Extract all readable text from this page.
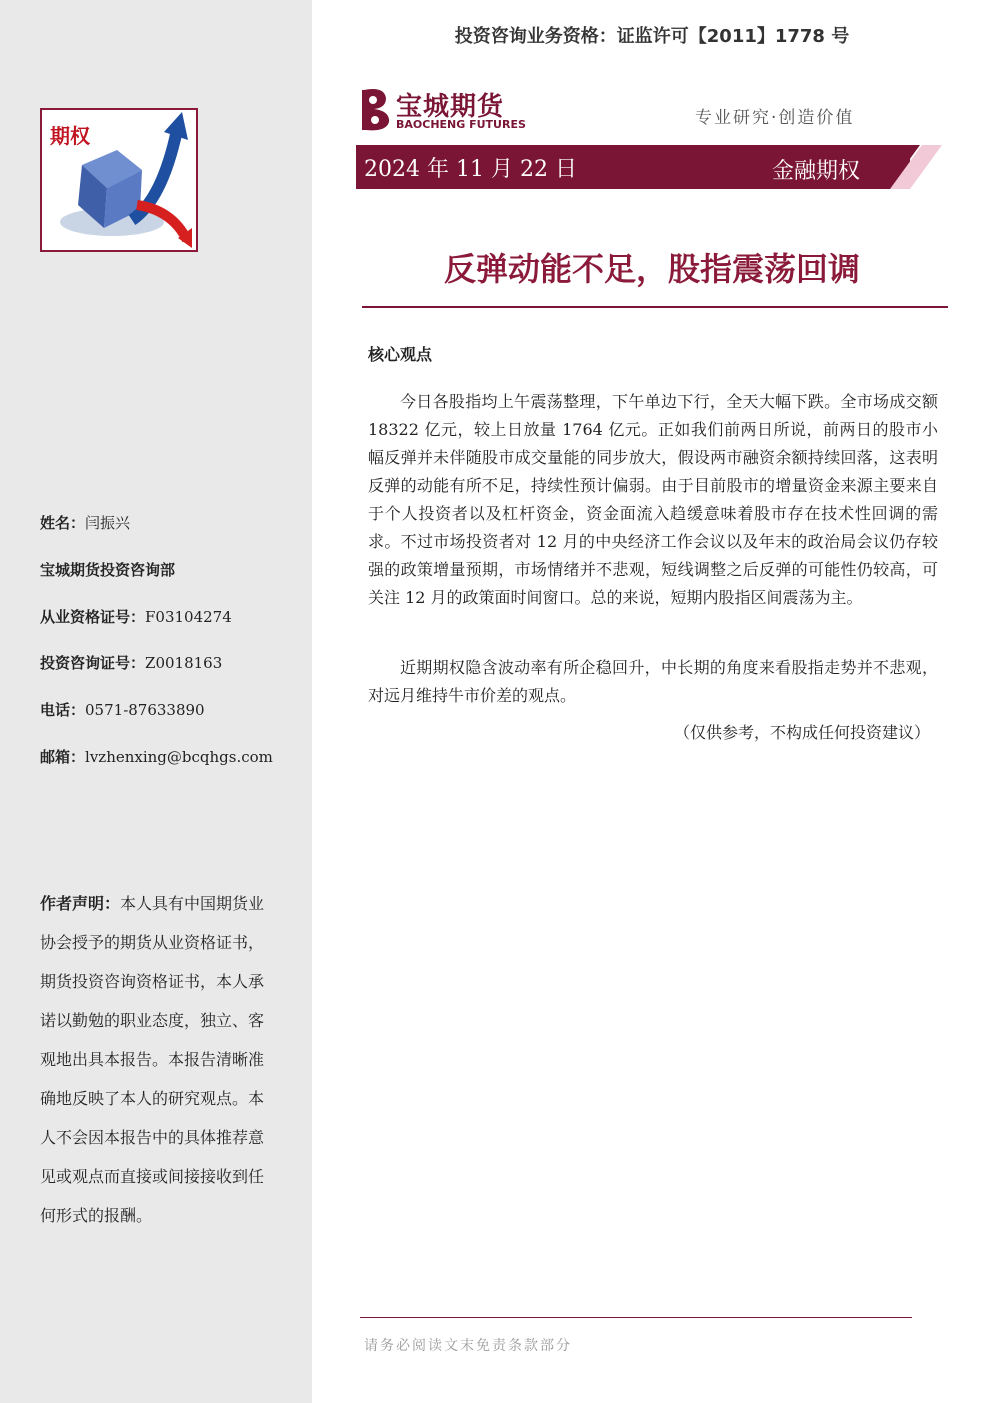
期权
姓名：闫振兴
宝城期货投资咨询部
从业资格证号：F03104274
投资咨询证号：Z0018163
电话：0571-87633890
邮箱：lvzhenxing@bcqhgs.com
作者声明：本人具有中国期货业协会授予的期货从业资格证书，期货投资咨询资格证书，本人承诺以勤勉的职业态度，独立、客观地出具本报告。本报告清晰准确地反映了本人的研究观点。本人不会因本报告中的具体推荐意见或观点而直接或间接接收到任何形式的报酬。
投资咨询业务资格：证监许可【2011】1778 号
宝城期货
BAOCHENG FUTURES	专业研究·创造价值
2024 年 11 月 22 日	金融期权
反弹动能不足，股指震荡回调
核心观点

今日各股指均上午震荡整理，下午单边下行，全天大幅下跌。全市场成交额 18322 亿元，较上日放量 1764 亿元。正如我们前两日所说，前两日的股市小幅反弹并未伴随股市成交量能的同步放大，假设两市融资余额持续回落，这表明反弹的动能有所不足，持续性预计偏弱。由于目前股市的增量资金来源主要来自于个人投资者以及杠杆资金，资金面流入趋缓意味着股市存在技术性回调的需求。不过市场投资者对 12 月的中央经济工作会议以及年末的政治局会议仍存较强的政策增量预期，市场情绪并不悲观，短线调整之后反弹的可能性仍较高，可关注 12 月的政策面时间窗口。总的来说，短期内股指区间震荡为主。

近期期权隐含波动率有所企稳回升，中长期的角度来看股指走势并不悲观，对远月维持牛市价差的观点。

（仅供参考，不构成任何投资建议）
请务必阅读文末免责条款部分
